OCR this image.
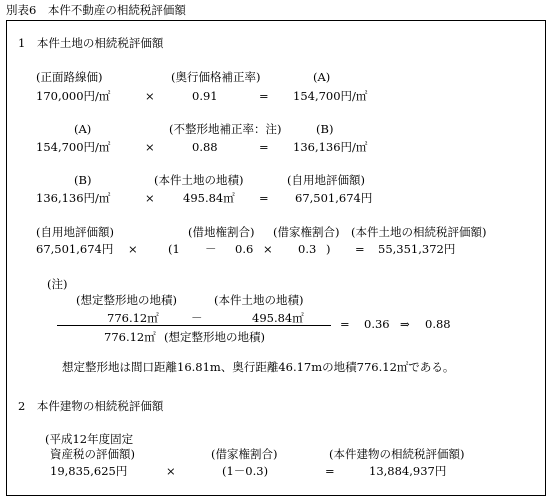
別表6　本件不動産の相続税評価額
1　本件土地の相続税評価額
(正面路線価)	(奥行価格補正率)	(A)
170,000円/㎡	×	0.91	= 154,700円/㎡
(A)	(不整形地補正率：注)	(B)
154,700円/㎡	×	0.88	= 136,136円/㎡
(B)	(本件土地の地積)	(自用地評価額)
136,136円/㎡	× 495.84㎡ = 67,501,674円
(自用地評価額)	(借地権割合) (借家権割合) (本件土地の相続税評価額)
67,501,674円 ×	(1 － 0.6 × 0.3 ) = 55,351,372円
(注)
(想定整形地の地積)	(本件土地の地積)
776.12㎡	－	495.84㎡	= 0.36 ⇒ 0.88
776.12㎡ (想定整形地の地積)
想定整形地は間口距離16.81m、奥行距離46.17mの地積776.12㎡である。
2　本件建物の相続税評価額
(平成12年度固定
資産税の評価額)	(借家権割合)	(本件建物の相続税評価額)
19,835,625円	×	(1－0.3)	=	13,884,937円
